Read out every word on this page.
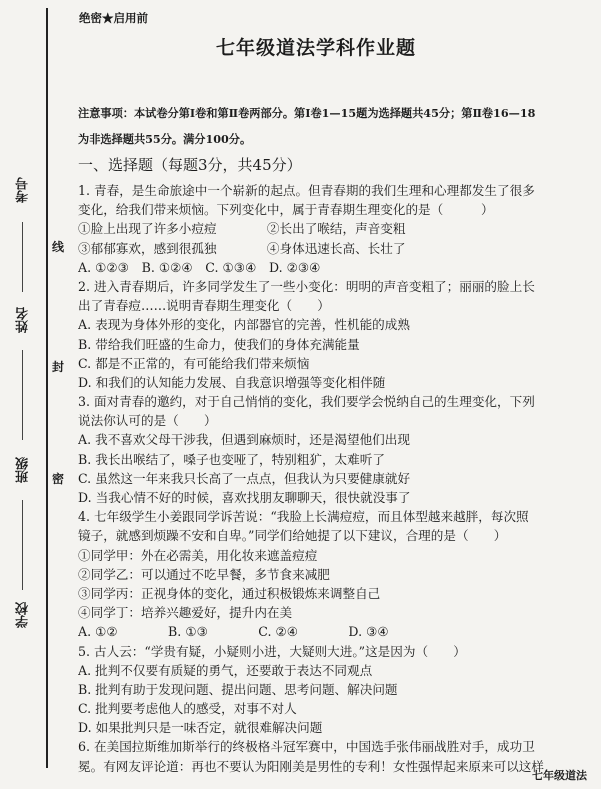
考号
姓名
班级
学校
线
封
密
绝密★启用前
七年级道法学科作业题
注意事项：本试卷分第Ⅰ卷和第Ⅱ卷两部分。第Ⅰ卷1—15题为选择题共45分；第Ⅱ卷16—18
为非选择题共55分。满分100分。
一、选择题（每题3分，共45分）
1. 青春，是生命旅途中一个崭新的起点。但青春期的我们生理和心理都发生了很多
变化，给我们带来烦恼。下列变化中，属于青春期生理变化的是（　　　）
①脸上出现了许多小痘痘　　　　②长出了喉结，声音变粗
③郁郁寡欢，感到很孤独　　　　④身体迅速长高、长壮了
A. ①②③　B. ①②④　C. ①③④　D. ②③④
2. 进入青春期后，许多同学发生了一些小变化：明明的声音变粗了；丽丽的脸上长
出了青春痘……说明青春期生理变化（　　）
A. 表现为身体外形的变化，内部器官的完善，性机能的成熟
B. 带给我们旺盛的生命力，使我们的身体充满能量
C. 都是不正常的，有可能给我们带来烦恼
D. 和我们的认知能力发展、自我意识增强等变化相伴随
3. 面对青春的邀约，对于自己悄悄的变化，我们要学会悦纳自己的生理变化，下列
说法你认可的是（　　）
A. 我不喜欢父母干涉我，但遇到麻烦时，还是渴望他们出现
B. 我长出喉结了，嗓子也变哑了，特别粗犷，太难听了
C. 虽然这一年来我只长高了一点点，但我认为只要健康就好
D. 当我心情不好的时候，喜欢找朋友聊聊天，很快就没事了
4. 七年级学生小姜跟同学诉苦说：“我脸上长满痘痘，而且体型越来越胖，每次照
镜子，就感到烦躁不安和自卑。”同学们给她提了以下建议，合理的是（　　）
①同学甲：外在必需美，用化妆来遮盖痘痘
②同学乙：可以通过不吃早餐，多节食来减肥
③同学丙：正视身体的变化，通过积极锻炼来调整自己
④同学丁：培养兴趣爱好，提升内在美
A. ①②　　　　B. ①③　　　　C. ②④　　　　D. ③④
5. 古人云：“学贵有疑，小疑则小进，大疑则大进。”这是因为（　　）
A. 批判不仅要有质疑的勇气，还要敢于表达不同观点
B. 批判有助于发现问题、提出问题、思考问题、解决问题
C. 批判要考虑他人的感受，对事不对人
D. 如果批判只是一味否定，就很难解决问题
6. 在美国拉斯维加斯举行的终极格斗冠军赛中，中国选手张伟丽战胜对手，成功卫
冕。有网友评论道：再也不要认为阳刚美是男性的专利！女性强悍起来原来可以这样
七年级道法
